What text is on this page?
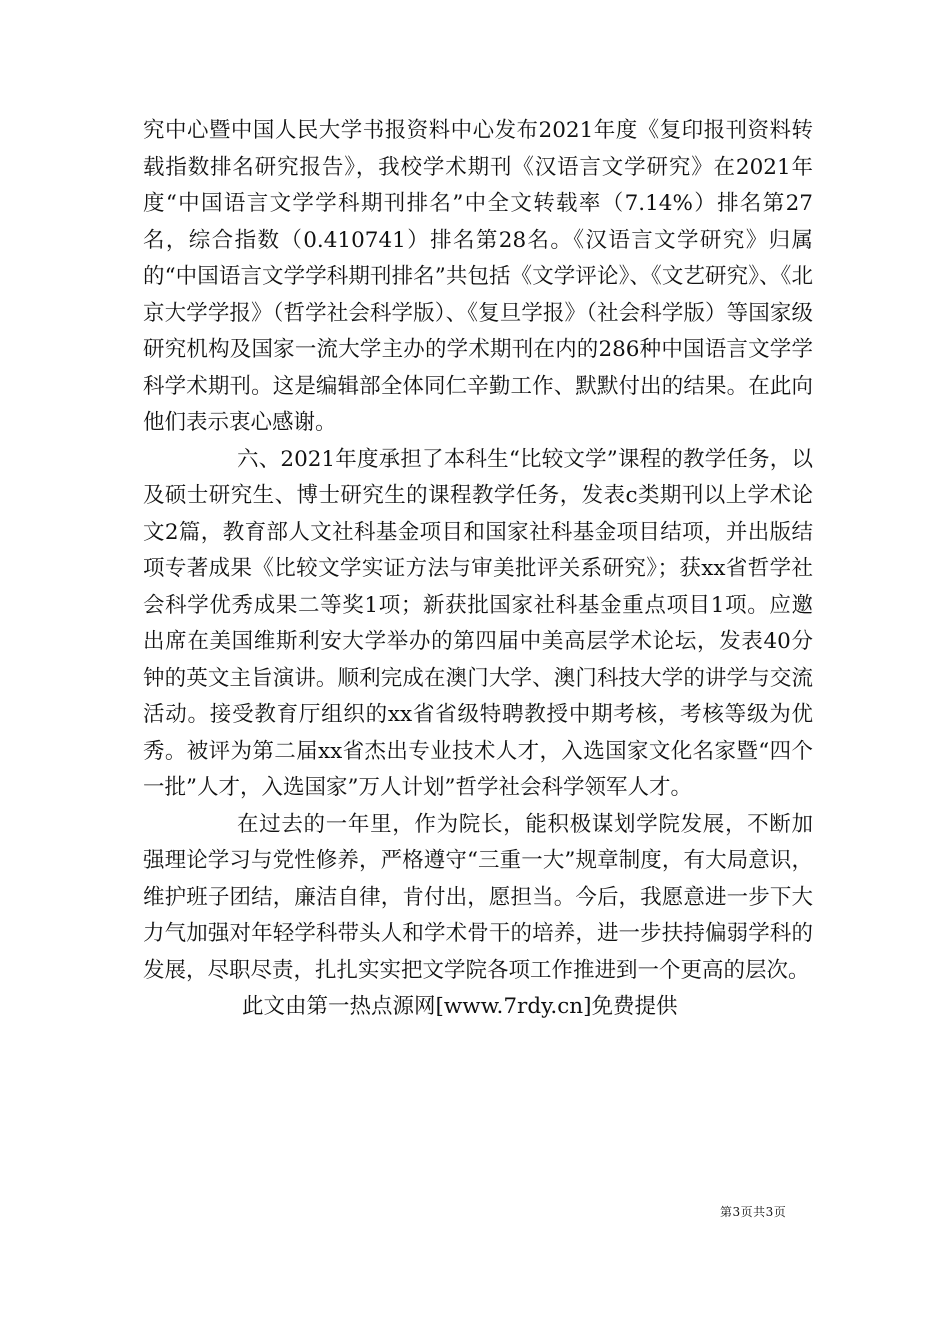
究中心暨中国人民大学书报资料中心发布2021年度《复印报刊资料转载指数排名研究报告》，我校学术期刊《汉语言文学研究》在2021年度“中国语言文学学科期刊排名”中全文转载率（7.14%）排名第27名，综合指数（0.410741）排名第28名。《汉语言文学研究》归属的“中国语言文学学科期刊排名”共包括《文学评论》、《文艺研究》、《北京大学学报》（哲学社会科学版）、《复旦学报》（社会科学版）等国家级研究机构及国家一流大学主办的学术期刊在内的286种中国语言文学学科学术期刊。这是编辑部全体同仁辛勤工作、默默付出的结果。在此向他们表示衷心感谢。

六、2021年度承担了本科生“比较文学”课程的教学任务，以及硕士研究生、博士研究生的课程教学任务，发表c类期刊以上学术论文2篇，教育部人文社科基金项目和国家社科基金项目结项，并出版结项专著成果《比较文学实证方法与审美批评关系研究》；获xx省哲学社会科学优秀成果二等奖1项；新获批国家社科基金重点项目1项。应邀出席在美国维斯利安大学举办的第四届中美高层学术论坛，发表40分钟的英文主旨演讲。顺利完成在澳门大学、澳门科技大学的讲学与交流活动。接受教育厅组织的xx省省级特聘教授中期考核，考核等级为优秀。被评为第二届xx省杰出专业技术人才，入选国家文化名家暨“四个一批”人才，入选国家”万人计划”哲学社会科学领军人才。

在过去的一年里，作为院长，能积极谋划学院发展，不断加强理论学习与党性修养，严格遵守“三重一大”规章制度，有大局意识，维护班子团结，廉洁自律，肯付出，愿担当。今后，我愿意进一步下大力气加强对年轻学科带头人和学术骨干的培养，进一步扶持偏弱学科的发展，尽职尽责，扎扎实实把文学院各项工作推进到一个更高的层次。

此文由第一热点源网[www.7rdy.cn]免费提供

第3页共3页
